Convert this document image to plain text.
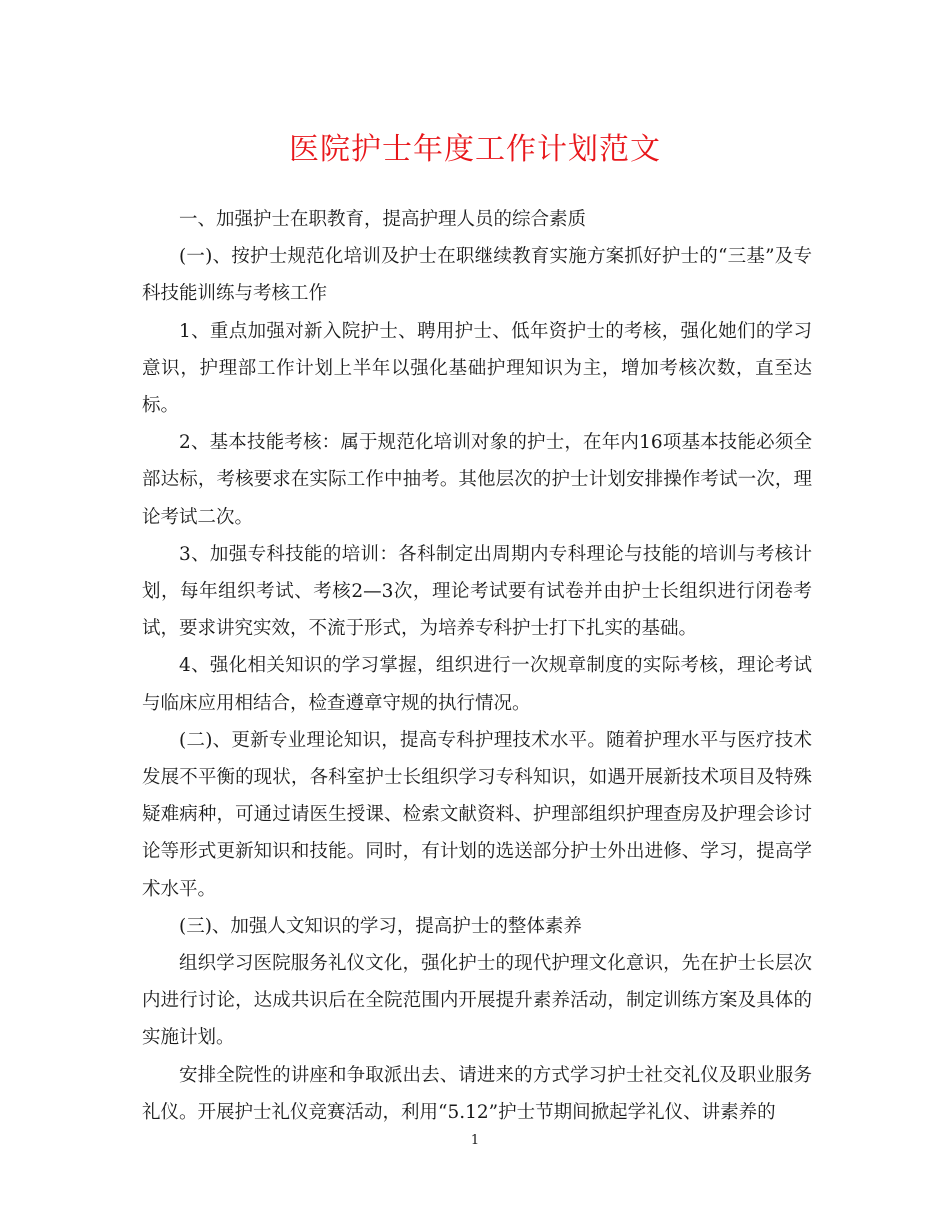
医院护士年度工作计划范文

一、加强护士在职教育，提高护理人员的综合素质

(一)、按护士规范化培训及护士在职继续教育实施方案抓好护士的“三基”及专科技能训练与考核工作

1、重点加强对新入院护士、聘用护士、低年资护士的考核，强化她们的学习意识，护理部工作计划上半年以强化基础护理知识为主，增加考核次数，直至达标。

2、基本技能考核：属于规范化培训对象的护士，在年内16项基本技能必须全部达标，考核要求在实际工作中抽考。其他层次的护士计划安排操作考试一次，理论考试二次。

3、加强专科技能的培训：各科制定出周期内专科理论与技能的培训与考核计划，每年组织考试、考核2—3次，理论考试要有试卷并由护士长组织进行闭卷考试，要求讲究实效，不流于形式，为培养专科护士打下扎实的基础。

4、强化相关知识的学习掌握，组织进行一次规章制度的实际考核，理论考试与临床应用相结合，检查遵章守规的执行情况。

(二)、更新专业理论知识，提高专科护理技术水平。随着护理水平与医疗技术发展不平衡的现状，各科室护士长组织学习专科知识，如遇开展新技术项目及特殊疑难病种，可通过请医生授课、检索文献资料、护理部组织护理查房及护理会诊讨论等形式更新知识和技能。同时，有计划的选送部分护士外出进修、学习，提高学术水平。

(三)、加强人文知识的学习，提高护士的整体素养

组织学习医院服务礼仪文化，强化护士的现代护理文化意识，先在护士长层次内进行讨论，达成共识后在全院范围内开展提升素养活动，制定训练方案及具体的实施计划。

安排全院性的讲座和争取派出去、请进来的方式学习护士社交礼仪及职业服务礼仪。开展护士礼仪竞赛活动，利用“5.12”护士节期间掀起学礼仪、讲素养的

1
